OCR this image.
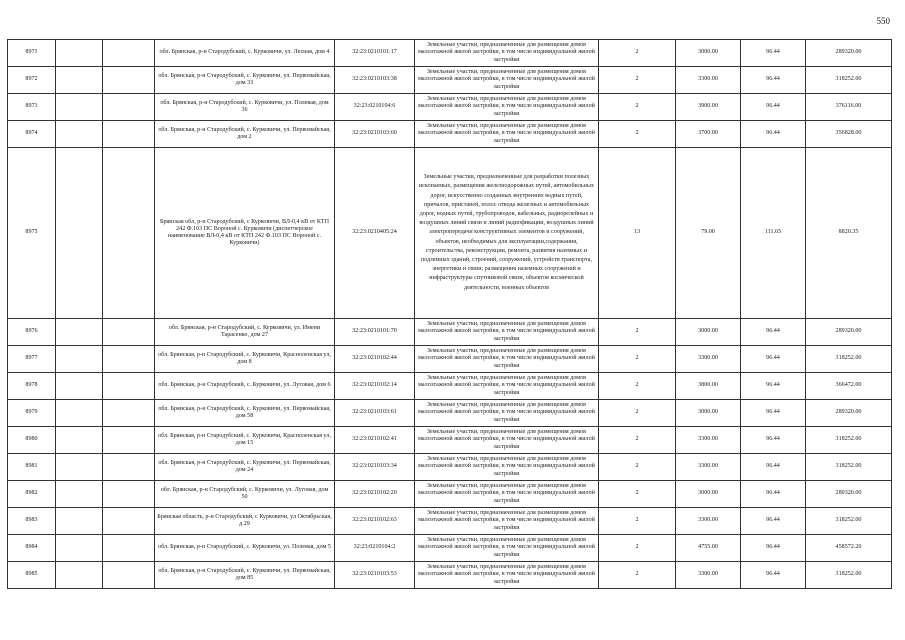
550
8971			обл. Брянская, р-н Стародубский, с. Курковичи, ул. Лесная, дом 4	32:23:0210101:17	Земельные участки, предназначенные для размещения домов малоэтажной жилой застройки, в том числе индивидуальной жилой застройки	2	3000.00	96.44	289320.00
8972			обл. Брянская, р-н Стародубский, с. Курковичи, ул. Первомайская, дом 33	32:23:0210103:38	Земельные участки, предназначенные для размещения домов малоэтажной жилой застройки, в том числе индивидуальной жилой застройки	2	3300.00	96.44	318252.00
8973			обл. Брянская, р-н Стародубский, с. Курковичи, ул. Полевая, дом 36	32:23:0210104:6	Земельные участки, предназначенные для размещения домов малоэтажной жилой застройки, в том числе индивидуальной жилой застройки	2	3900.00	96.44	376116.00
8974			обл. Брянская, р-н Стародубский, с. Курковичи, ул. Первомайская, дом 2	32:23:0210103:60	Земельные участки, предназначенные для размещения домов малоэтажной жилой застройки, в том числе индивидуальной жилой застройки	2	3700.00	96.44	356828.00
8975			Брянская обл, р-н Стародубский, с Курковичи, ВЛ-0,4 кВ от КТП 242 Ф.103 ПС Вороной с. Курковичи (диспетчерское наименование ВЛ-0,4 кВ от КТП 242 Ф.103 ПС Вороной с. Курковичи)	32:23:0210405:24	Земельные участки, предназначенные для разработки полезных ископаемых, размещения железнодорожных путей, автомобильных дорог, искусственно созданных внутренних водных путей, причалов, пристаней, полос отвода железных и автомобильных дорог, водных путей, трубопроводов, кабельных, радиорелейных и воздушных линий связи и линий радиофикации, воздушных линий электропередачи конструктивных элементов и сооружений, объектов, необходимых для эксплуатации,содержания, строительства, реконструкции, ремонта, развития наземных и подземных зданий, строений, сооружений, устройств транспорта, энергетики и связи; размещения наземных сооружений и инфраструктуры спутниковой связи, объектов космической деятельности, военных объектов	13	79.00	111.65	8820.35
8976			обл. Брянская, р-н Стародубский, с. Курковичи, ул. Имени Тарасенко, дом 27	32:23:0210101:70	Земельные участки, предназначенные для размещения домов малоэтажной жилой застройки, в том числе индивидуальной жилой застройки	2	3000.00	96.44	289320.00
8977			обл. Брянская, р-н Стародубский, с. Курковичи, Красноленская ул, дом 8	32:23:0210102:44	Земельные участки, предназначенные для размещения домов малоэтажной жилой застройки, в том числе индивидуальной жилой застройки	2	3300.00	96.44	318252.00
8978			обл. Брянская, р-н Стародубский, с. Курковичи, ул. Луговая, дом 6	32:23:0210102:14	Земельные участки, предназначенные для размещения домов малоэтажной жилой застройки, в том числе индивидуальной жилой застройки	2	3800.00	96.44	366472.00
8979			обл. Брянская, р-н Стародубский, с. Курковичи, ул. Первомайская, дом 58	32:23:0210103:61	Земельные участки, предназначенные для размещения домов малоэтажной жилой застройки, в том числе индивидуальной жилой застройки	2	3000.00	96.44	289320.00
8980			обл. Брянская, р-н Стародубский, с. Курковичи, Красноленская ул, дом 15	32:23:0210102:41	Земельные участки, предназначенные для размещения домов малоэтажной жилой застройки, в том числе индивидуальной жилой застройки	2	3300.00	96.44	318252.00
8981			обл. Брянская, р-н Стародубский, с. Курковичи, ул. Первомайская, дом 24	32:23:0210103:34	Земельные участки, предназначенные для размещения домов малоэтажной жилой застройки, в том числе индивидуальной жилой застройки	2	3300.00	96.44	318252.00
8982			обл. Брянская, р-н Стародубский, с. Курковичи, ул. Луговая, дом 50	32:23:0210102:20	Земельные участки, предназначенные для размещения домов малоэтажной жилой застройки, в том числе индивидуальной жилой застройки	2	3000.00	96.44	289320.00
8983			Брянская область, р-н Стародубский, с Курковичи, ул Октябрьская, д 29	32:23:0210102:63	Земельные участки, предназначенные для размещения домов малоэтажной жилой застройки, в том числе индивидуальной жилой застройки	2	3300.00	96.44	318252.00
8984			обл. Брянская, р-н Стародубский, с. Курковичи, ул. Полевая, дом 5	32:23:0210104:2	Земельные участки, предназначенные для размещения домов малоэтажной жилой застройки, в том числе индивидуальной жилой застройки	2	4755.00	96.44	458572.20
8985			обл. Брянская, р-н Стародубский, с. Курковичи, ул. Первомайская, дом 85	32:23:0210103:53	Земельные участки, предназначенные для размещения домов малоэтажной жилой застройки, в том числе индивидуальной жилой застройки	2	3300.00	96.44	318252.00
